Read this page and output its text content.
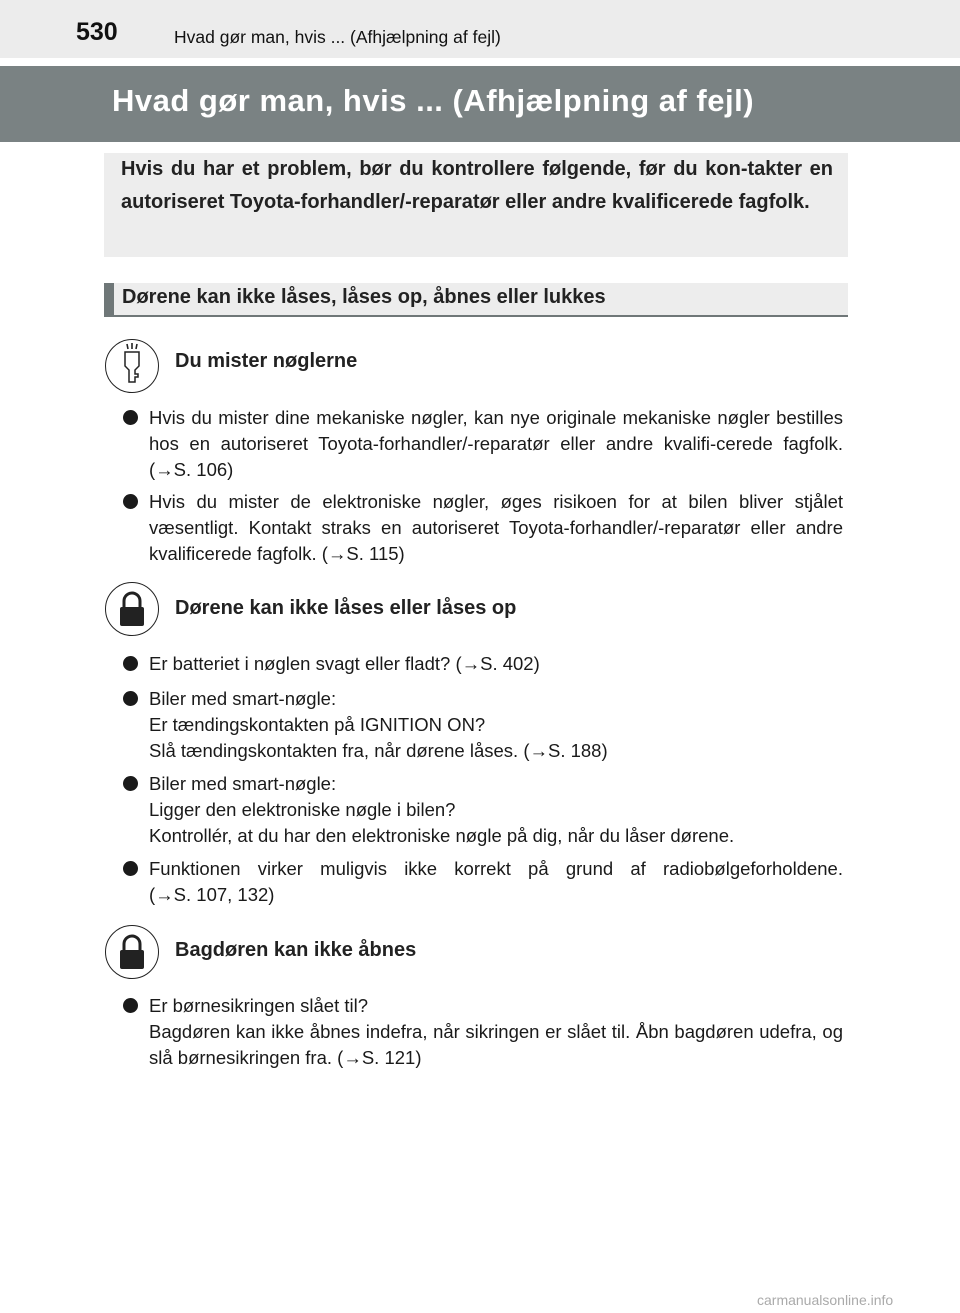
530	Hvad gør man, hvis ... (Afhjælpning af fejl)
Hvad gør man, hvis ... (Afhjælpning af fejl)
Hvis du har et problem, bør du kontrollere følgende, før du kon-takter en autoriseret Toyota-forhandler/-reparatør eller andre kvalificerede fagfolk.
Dørene kan ikke låses, låses op, åbnes eller lukkes
Du mister nøglerne
Hvis du mister dine mekaniske nøgler, kan nye originale mekaniske nøgler bestilles hos en autoriseret Toyota-forhandler/-reparatør eller andre kvalifi-cerede fagfolk. (→S. 106)
Hvis du mister de elektroniske nøgler, øges risikoen for at bilen bliver stjålet væsentligt. Kontakt straks en autoriseret Toyota-forhandler/-reparatør eller andre kvalificerede fagfolk. (→S. 115)
Dørene kan ikke låses eller låses op
Er batteriet i nøglen svagt eller fladt? (→S. 402)
Biler med smart-nøgle:
Er tændingskontakten på IGNITION ON?
Slå tændingskontakten fra, når dørene låses. (→S. 188)
Biler med smart-nøgle:
Ligger den elektroniske nøgle i bilen?
Kontrollér, at du har den elektroniske nøgle på dig, når du låser dørene.
Funktionen virker muligvis ikke korrekt på grund af radiobølgeforholdene. (→S. 107, 132)
Bagdøren kan ikke åbnes
Er børnesikringen slået til?
Bagdøren kan ikke åbnes indefra, når sikringen er slået til. Åbn bagdøren udefra, og slå børnesikringen fra. (→S. 121)
carmanualsonline.info
